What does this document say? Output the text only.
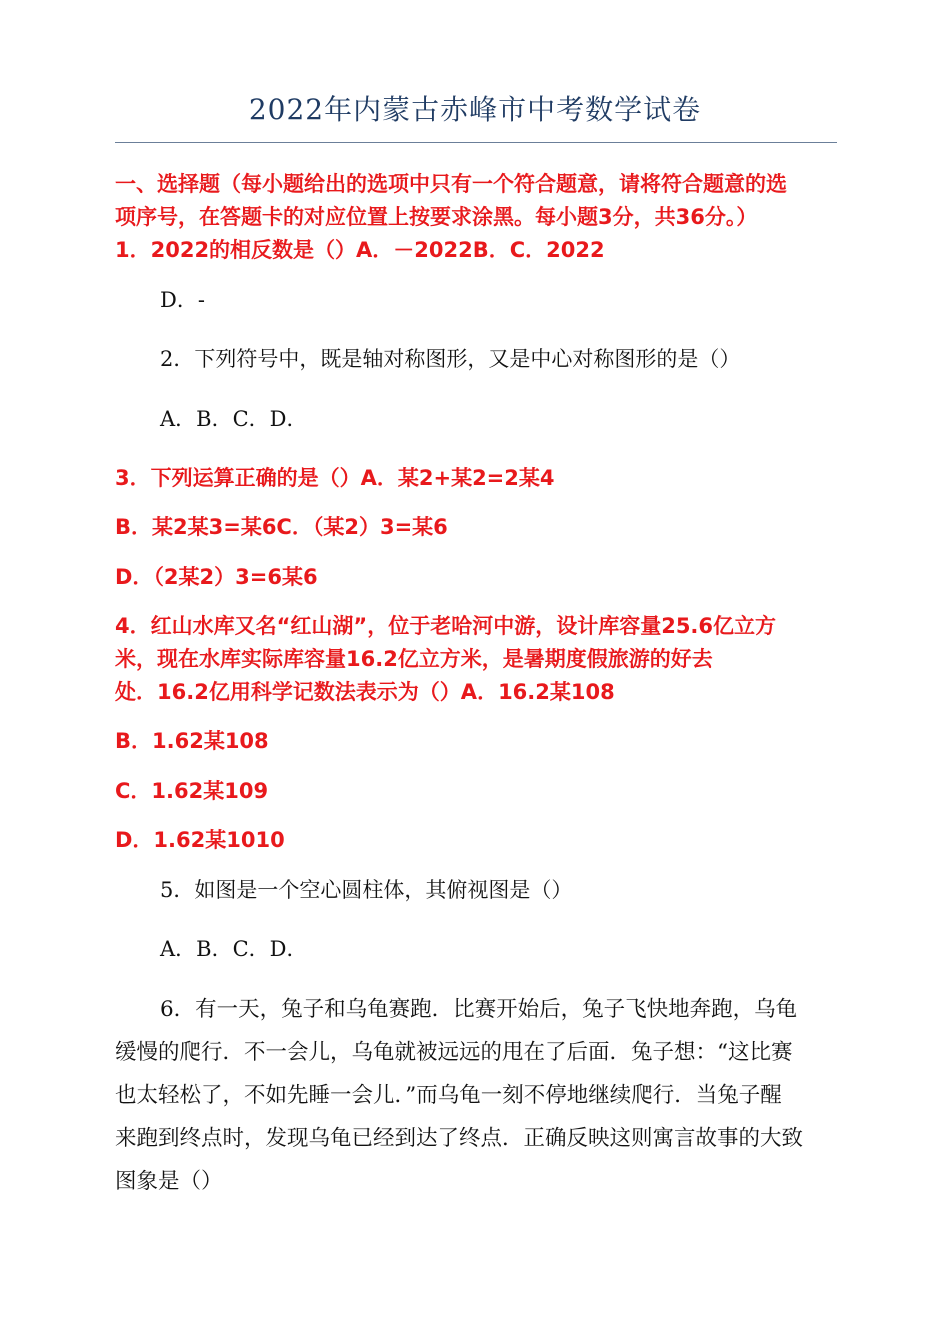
2022年内蒙古赤峰市中考数学试卷
一、选择题（每小题给出的选项中只有一个符合题意，请将符合题意的选
项序号，在答题卡的对应位置上按要求涂黑。每小题3分，共36分。）
1．2022的相反数是（）A．－2022B．C．2022
D．-
2．下列符号中，既是轴对称图形，又是中心对称图形的是（）
A．B．C．D．
3．下列运算正确的是（）A．某2+某2=2某4
B．某2某3=某6C．（某2）3=某6
D．（2某2）3=6某6
4．红山水库又名“红山湖”，位于老哈河中游，设计库容量25.6亿立方
米，现在水库实际库容量16.2亿立方米，是暑期度假旅游的好去
处．16.2亿用科学记数法表示为（）A．16.2某108
B．1.62某108
C．1.62某109
D．1.62某1010
5．如图是一个空心圆柱体，其俯视图是（）
A．B．C．D．
6．有一天，兔子和乌龟赛跑．比赛开始后，兔子飞快地奔跑，乌龟
缓慢的爬行．不一会儿，乌龟就被远远的甩在了后面．兔子想：“这比赛
也太轻松了，不如先睡一会儿．”而乌龟一刻不停地继续爬行．当兔子醒
来跑到终点时，发现乌龟已经到达了终点．正确反映这则寓言故事的大致
图象是（）
